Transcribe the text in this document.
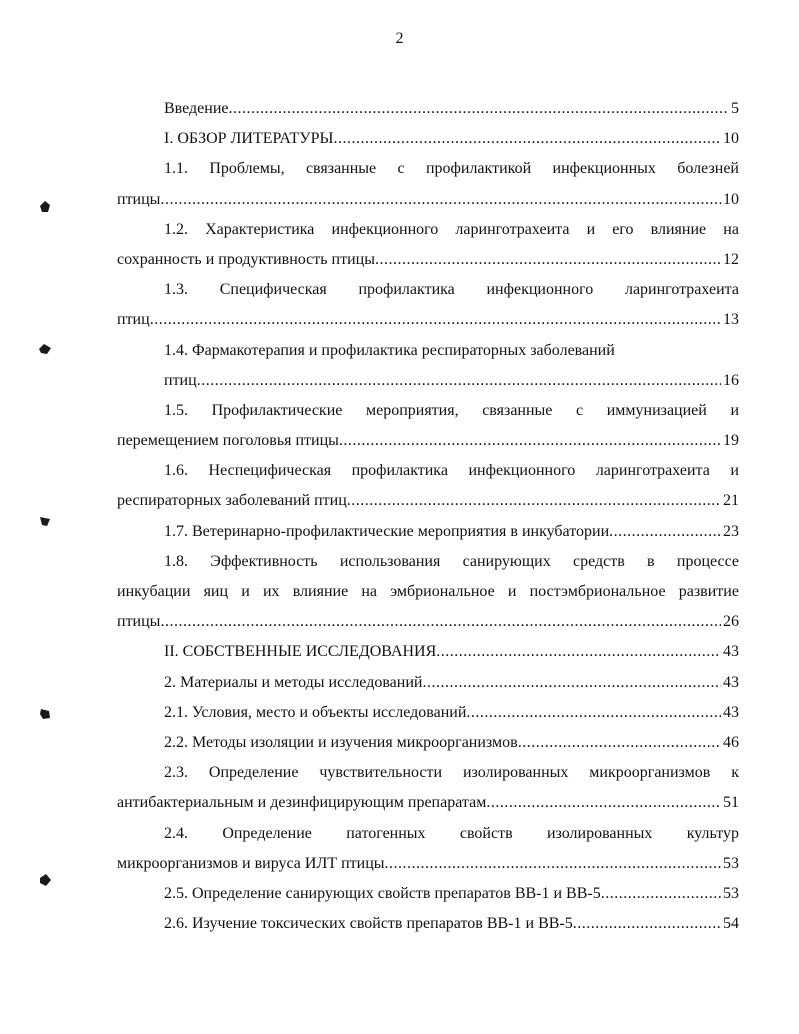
2
Введение .....	5
I. ОБЗОР ЛИТЕРАТУРЫ .....	10
1.1. Проблемы, связанные с профилактикой инфекционных болезней
птицы .....	10
1.2. Характеристика инфекционного ларинготрахеита и его влияние на
сохранность и продуктивность птицы .....	12
1.3. Специфическая профилактика инфекционного ларинготрахеита
птиц .....	13
1.4. Фармакотерапия и профилактика респираторных заболеваний
птиц .....	16
1.5. Профилактические мероприятия, связанные с иммунизацией и
перемещением поголовья птицы .....	19
1.6. Неспецифическая профилактика инфекционного ларинготрахеита и
респираторных заболеваний птиц .....	21
1.7. Ветеринарно-профилактические мероприятия в инкубатории .....	23
1.8. Эффективность использования санирующих средств в процессе
инкубации яиц и их влияние на эмбриональное и постэмбриональное развитие
птицы .....	26
II. СОБСТВЕННЫЕ ИССЛЕДОВАНИЯ .....	43
2. Материалы и методы исследований .....	43
2.1. Условия, место и объекты исследований .....	43
2.2. Методы изоляции и изучения микроорганизмов .....	46
2.3. Определение чувствительности изолированных микроорганизмов к
антибактериальным и дезинфицирующим препаратам .....	51
2.4. Определение патогенных свойств изолированных культур
микроорганизмов и вируса ИЛТ птицы .....	53
2.5. Определение санирующих свойств препаратов ВВ-1 и ВВ-5 .....	53
2.6. Изучение токсических свойств препаратов ВВ-1 и ВВ-5 .....	54
